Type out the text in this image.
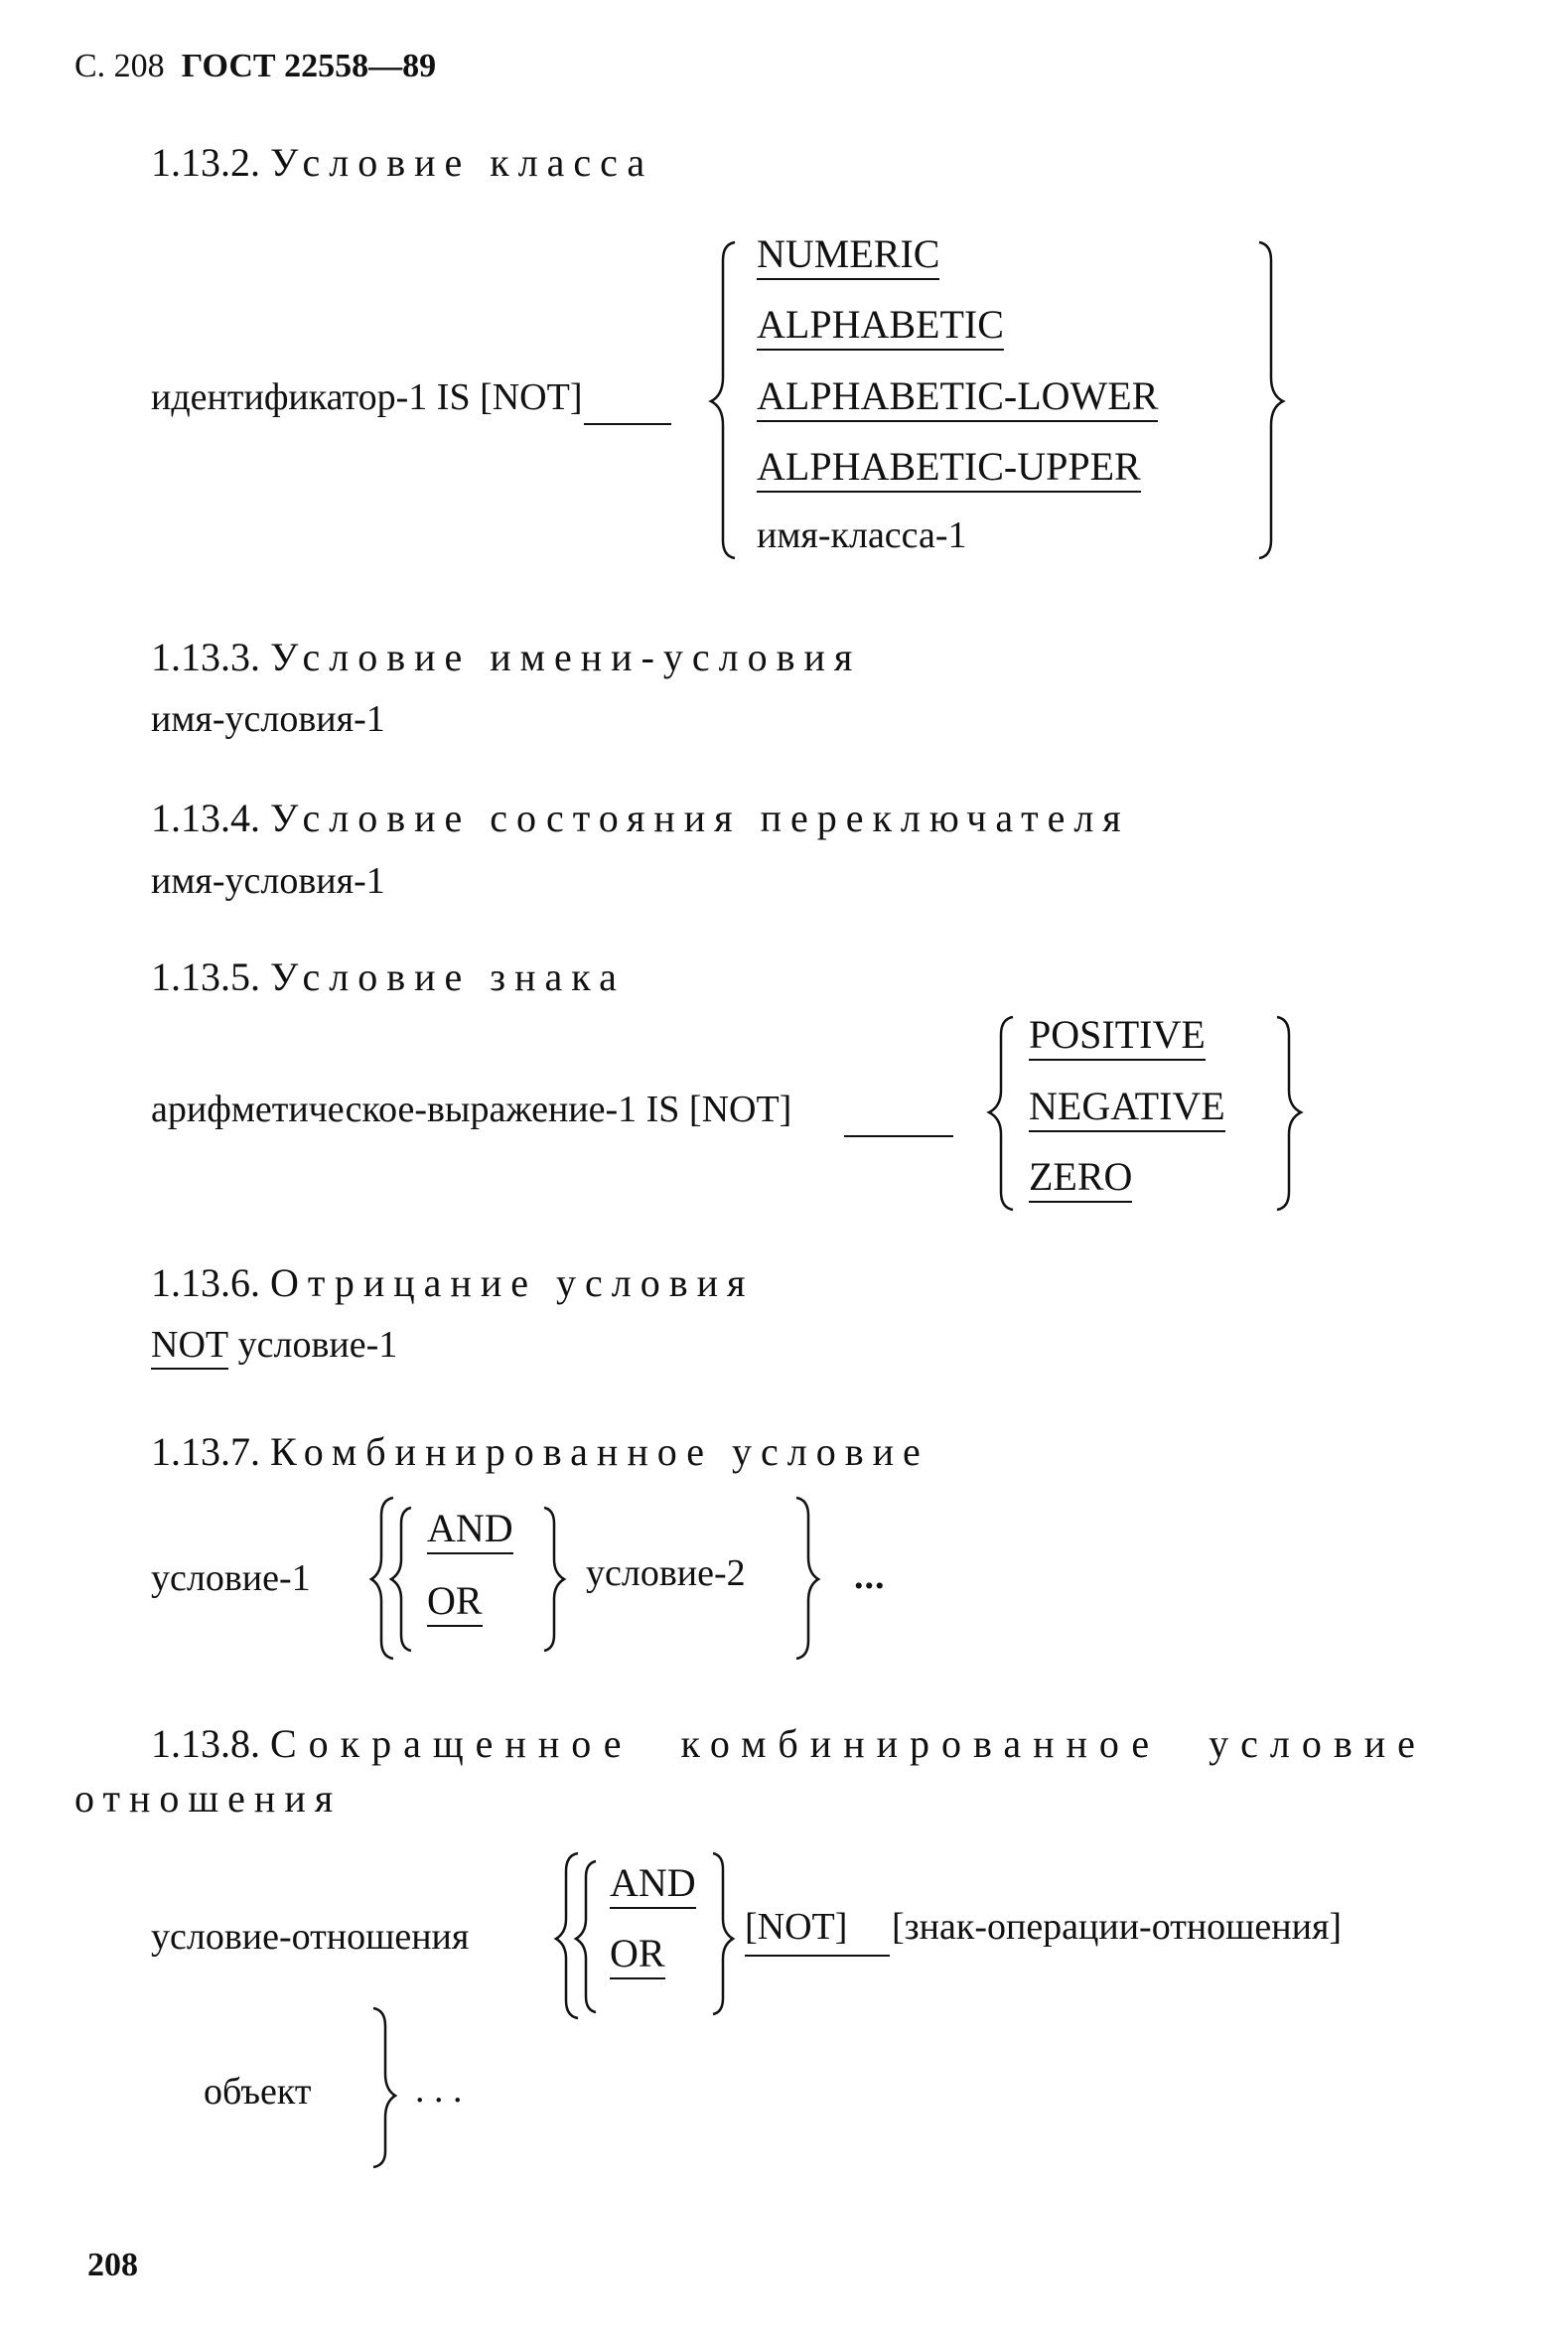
С. 208 ГОСТ 22558—89
1.13.2. Условие класса
идентификатор-1 IS [NOT]
NUMERIC
ALPHABETIC
ALPHABETIC-LOWER
ALPHABETIC-UPPER
имя-класса-1
1.13.3. Условие имени-условия
имя-условия-1
1.13.4. Условие состояния переключателя
имя-условия-1
1.13.5. Условие знака
арифметическое-выражение-1 IS [NOT]
POSITIVE
NEGATIVE
ZERO
1.13.6. Отрицание условия
NOT условие-1
1.13.7. Комбинированное условие
условие-1
AND
OR
условие-2	...
1.13.8. Сокращенное комбинированное условие
отношения
условие-отношения
AND
OR
[NOT] [знак-операции-отношения]
объект	. . .
208
